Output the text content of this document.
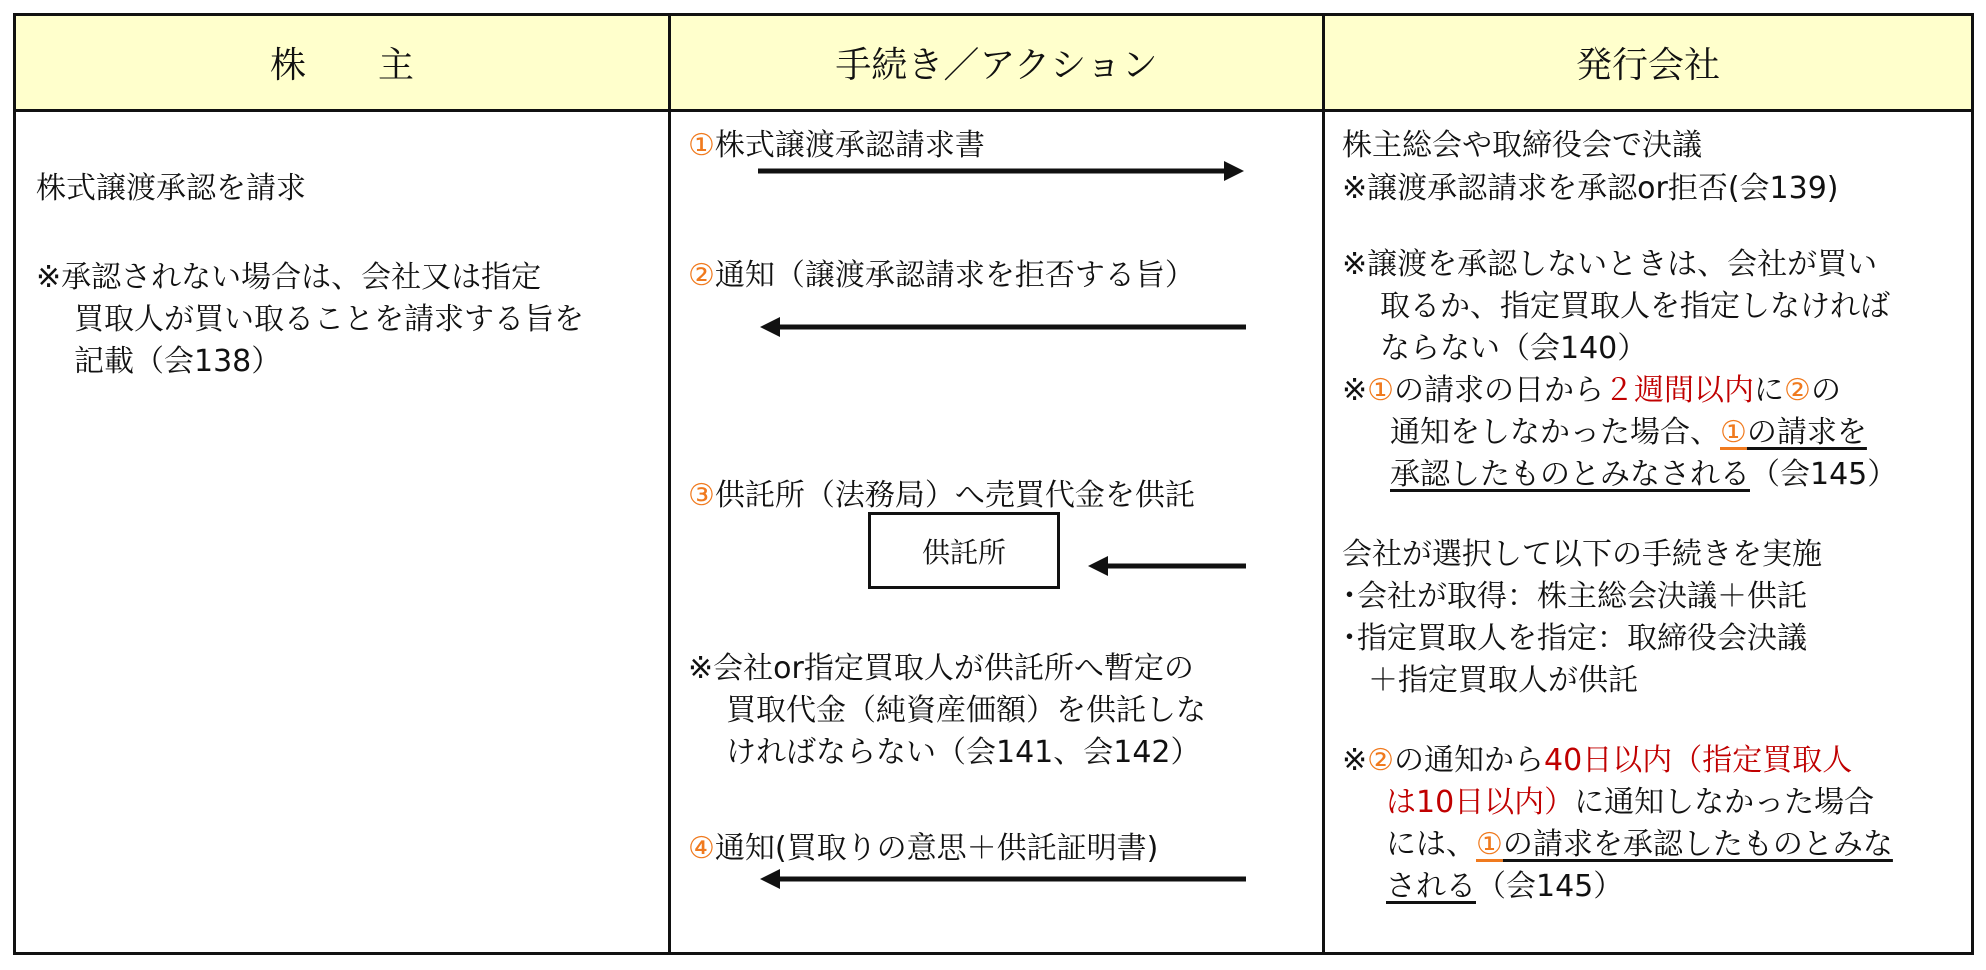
株　　主	手続き／アクション	発行会社
株式譲渡承認を請求
※承認されない場合は、会社又は指定
買取人が買い取ることを請求する旨を
記載（会138）
①株式譲渡承認請求書
②通知（譲渡承認請求を拒否する旨）
③供託所（法務局）へ売買代金を供託
供託所
※会社or指定買取人が供託所へ暫定の
買取代金（純資産価額）を供託しな
ければならない（会141、会142）
④通知(買取りの意思＋供託証明書)
株主総会や取締役会で決議
※譲渡承認請求を承認or拒否(会139)
※譲渡を承認しないときは、会社が買い
取るか、指定買取人を指定しなければ
ならない（会140）
※①の請求の日から２週間以内に②の
通知をしなかった場合、①の請求を
承認したものとみなされる（会145）
会社が選択して以下の手続きを実施
･会社が取得：株主総会決議＋供託
･指定買取人を指定：取締役会決議
＋指定買取人が供託
※②の通知から40日以内（指定買取人
は10日以内）に通知しなかった場合
には、①の請求を承認したものとみな
される（会145）
